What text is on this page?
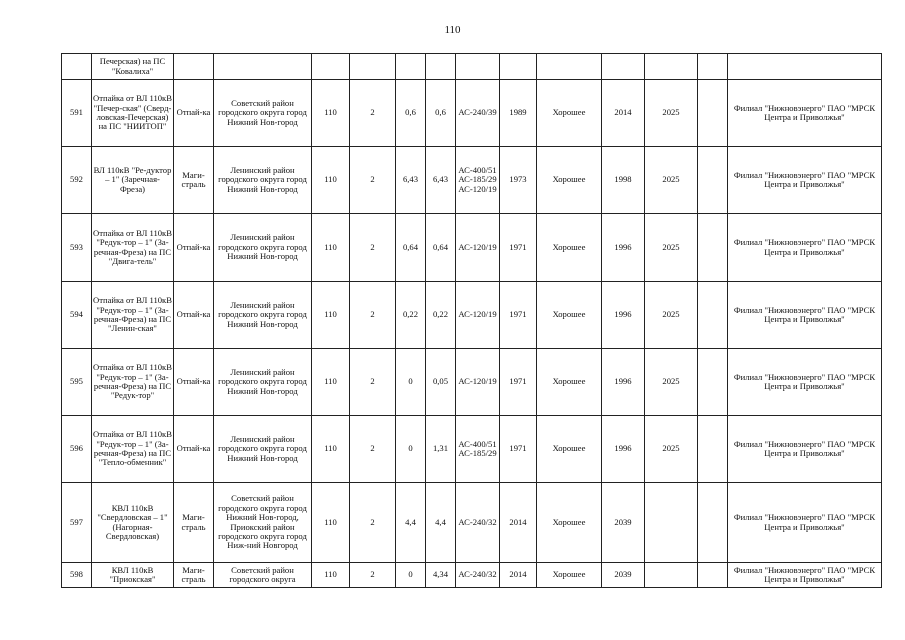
110
	Печерская) на ПС "Ковалиха"													
591	Отпайка от ВЛ 110кВ "Печер-ская" (Сверд-ловская-Печерская) на ПС "НИИТОП"	Отпай-ка	Советский район городского округа город Нижний Нов-город	110	2	0,6	0,6	АС-240/39	1989	Хорошее	2014	2025		Филиал "Нижновэнерго" ПАО "МРСК Центра и Приволжья"
592	ВЛ 110кВ "Ре-дуктор – 1" (Заречная-Фреза)	Маги-страль	Ленинский район городского округа город Нижний Нов-город	110	2	6,43	6,43	АС-400/51 АС-185/29 АС-120/19	1973	Хорошее	1998	2025		Филиал "Нижновэнерго" ПАО "МРСК Центра и Приволжья"
593	Отпайка от ВЛ 110кВ "Редук-тор – 1" (За-речная-Фреза) на ПС "Двига-тель"	Отпай-ка	Ленинский район городского округа город Нижний Нов-город	110	2	0,64	0,64	АС-120/19	1971	Хорошее	1996	2025		Филиал "Нижновэнерго" ПАО "МРСК Центра и Приволжья"
594	Отпайка от ВЛ 110кВ "Редук-тор – 1" (За-речная-Фреза) на ПС "Ленин-ская"	Отпай-ка	Ленинский район городского округа город Нижний Нов-город	110	2	0,22	0,22	АС-120/19	1971	Хорошее	1996	2025		Филиал "Нижновэнерго" ПАО "МРСК Центра и Приволжья"
595	Отпайка от ВЛ 110кВ "Редук-тор – 1" (За-речная-Фреза) на ПС "Редук-тор"	Отпай-ка	Ленинский район городского округа город Нижний Нов-город	110	2	0	0,05	АС-120/19	1971	Хорошее	1996	2025		Филиал "Нижновэнерго" ПАО "МРСК Центра и Приволжья"
596	Отпайка от ВЛ 110кВ "Редук-тор – 1" (За-речная-Фреза) на ПС "Тепло-обменник"	Отпай-ка	Ленинский район городского округа город Нижний Нов-город	110	2	0	1,31	АС-400/51 АС-185/29	1971	Хорошее	1996	2025		Филиал "Нижновэнерго" ПАО "МРСК Центра и Приволжья"
597	КВЛ 110кВ "Свердловская – 1" (Нагорная-Свердловская)	Маги-страль	Советский район городского округа город Нижний Нов-город, Приокский район городского округа город Ниж-ний Новгород	110	2	4,4	4,4	АС-240/32	2014	Хорошее	2039			Филиал "Нижновэнерго" ПАО "МРСК Центра и Приволжья"
598	КВЛ 110кВ "Приокская"	Маги-страль	Советский район городского округа	110	2	0	4,34	АС-240/32	2014	Хорошее	2039			Филиал "Нижновэнерго" ПАО "МРСК Центра и Приволжья"
